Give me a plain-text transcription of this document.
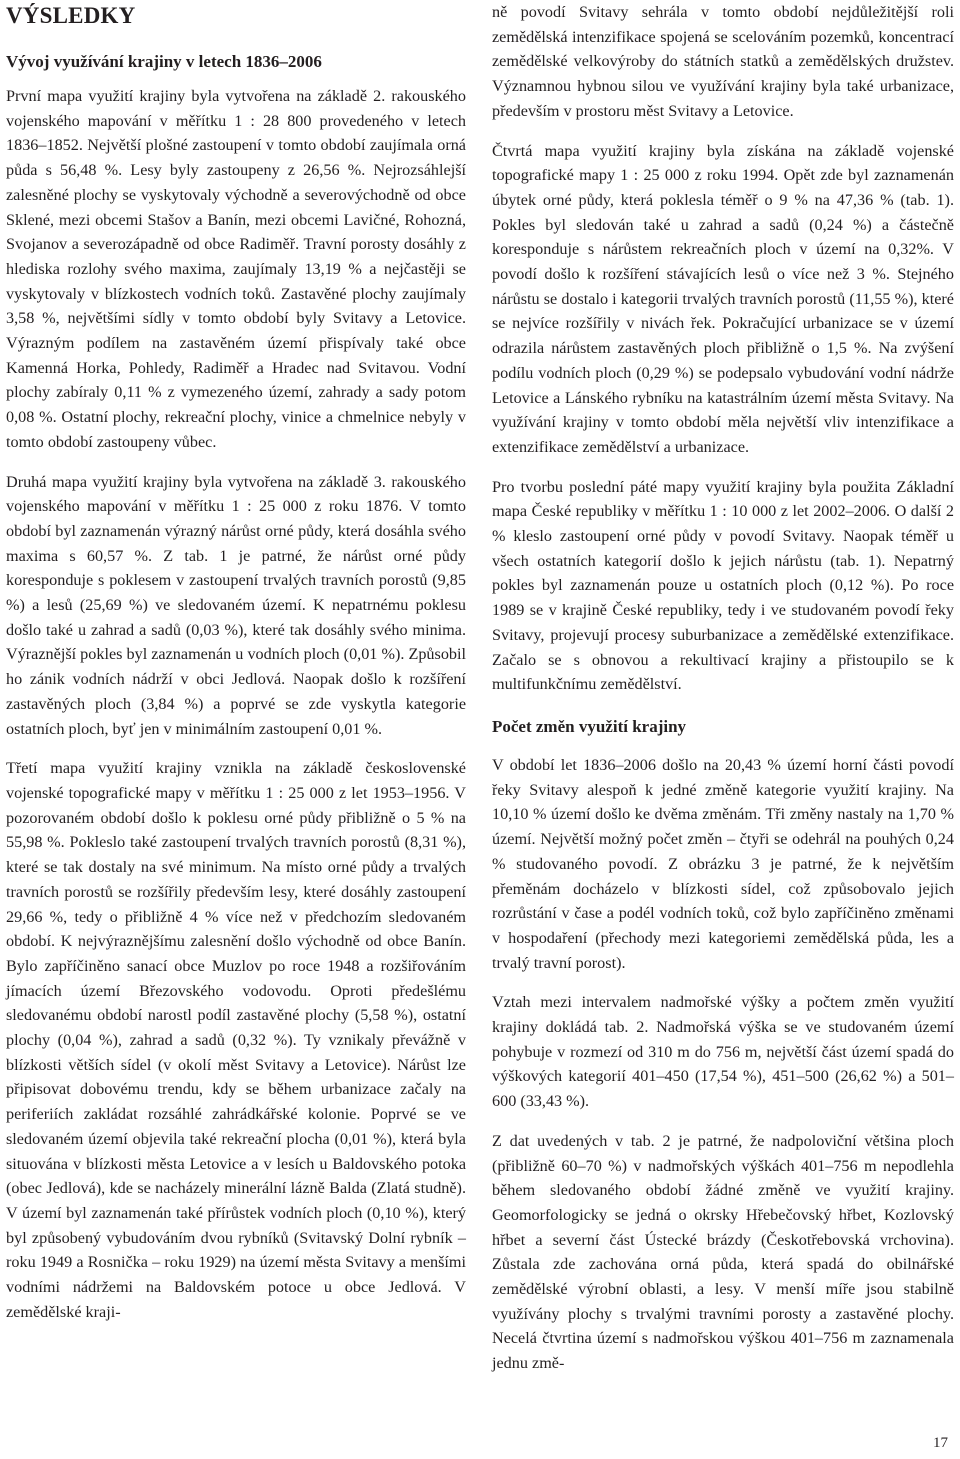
VÝSLEDKY
Vývoj využívání krajiny v letech 1836–2006

První mapa využití krajiny byla vytvořena na základě 2. rakouského vojenského mapování v měřítku 1 : 28 800 provedeného v letech 1836–1852. Největší plošné zastoupení v tomto období zaujímala orná půda s 56,48 %. Lesy byly zastoupeny z 26,56 %. Nejrozsáhlejší zalesněné plochy se vyskytovaly východně a severovýchodně od obce Sklené, mezi obcemi Stašov a Banín, mezi obcemi Lavičné, Rohozná, Svojanov a severozápadně od obce Radiměř. Travní porosty dosáhly z hlediska rozlohy svého maxima, zaujímaly 13,19 % a nejčastěji se vyskytovaly v blízkostech vodních toků. Zastavěné plochy zaujímaly 3,58 %, největšími sídly v tomto období byly Svitavy a Letovice. Výrazným podílem na zastavěném území přispívaly také obce Kamenná Horka, Pohledy, Radiměř a Hradec nad Svitavou. Vodní plochy zabíraly 0,11 % z vymezeného území, zahrady a sady potom 0,08 %. Ostatní plochy, rekreační plochy, vinice a chmelnice nebyly v tomto období zastoupeny vůbec.

Druhá mapa využití krajiny byla vytvořena na základě 3. rakouského vojenského mapování v měřítku 1 : 25 000 z roku 1876. V tomto období byl zaznamenán výrazný nárůst orné půdy, která dosáhla svého maxima s 60,57 %. Z tab. 1 je patrné, že nárůst orné půdy koresponduje s poklesem v zastoupení trvalých travních porostů (9,85 %) a lesů (25,69 %) ve sledovaném území. K nepatrnému poklesu došlo také u zahrad a sadů (0,03 %), které tak dosáhly svého minima. Výraznější pokles byl zaznamenán u vodních ploch (0,01 %). Způsobil ho zánik vodních nádrží v obci Jedlová. Naopak došlo k rozšíření zastavěných ploch (3,84 %) a poprvé se zde vyskytla kategorie ostatních ploch, byť jen v minimálním zastoupení 0,01 %.

Třetí mapa využití krajiny vznikla na základě československé vojenské topografické mapy v měřítku 1 : 25 000 z let 1953–1956. V pozorovaném období došlo k poklesu orné půdy přibližně o 5 % na 55,98 %. Pokleslo také zastoupení trvalých travních porostů (8,31 %), které se tak dostaly na své minimum. Na místo orné půdy a trvalých travních porostů se rozšířily především lesy, které dosáhly zastoupení 29,66 %, tedy o přibližně 4 % více než v předchozím sledovaném období. K nejvýraznějšímu zalesnění došlo východně od obce Banín. Bylo zapříčiněno sanací obce Muzlov po roce 1948 a rozšiřováním jímacích území Březovského vodovodu. Oproti předešlému sledovanému období narostl podíl zastavěné plochy (5,58 %), ostatní plochy (0,04 %), zahrad a sadů (0,32 %). Ty vznikaly převážně v blízkosti větších sídel (v okolí měst Svitavy a Letovice). Nárůst lze připisovat dobovému trendu, kdy se během urbanizace začaly na periferiích zakládat rozsáhlé zahrádkářské kolonie. Poprvé se ve sledovaném území objevila také rekreační plocha (0,01 %), která byla situována v blízkosti města Letovice a v lesích u Baldovského potoka (obec Jedlová), kde se nacházely minerální lázně Balda (Zlatá studně). V území byl zaznamenán také přírůstek vodních ploch (0,10 %), který byl způsobený vybudováním dvou rybníků (Svitavský Dolní rybník – roku 1949 a Rosnička – roku 1929) na území města Svitavy a menšími vodními nádržemi na Baldovském potoce u obce Jedlová. V zemědělské kraji-

ně povodí Svitavy sehrála v tomto období nejdůležitější roli zemědělská intenzifikace spojená se scelováním pozemků, koncentrací zemědělské velkovýroby do státních statků a zemědělských družstev. Významnou hybnou silou ve využívání krajiny byla také urbanizace, především v prostoru měst Svitavy a Letovice.

Čtvrtá mapa využití krajiny byla získána na základě vojenské topografické mapy 1 : 25 000 z roku 1994. Opět zde byl zaznamenán úbytek orné půdy, která poklesla téměř o 9 % na 47,36 % (tab. 1). Pokles byl sledován také u zahrad a sadů (0,24 %) a částečně koresponduje s nárůstem rekreačních ploch v území na 0,32%. V povodí došlo k rozšíření stávajících lesů o více než 3 %. Stejného nárůstu se dostalo i kategorii trvalých travních porostů (11,55 %), které se nejvíce rozšířily v nivách řek. Pokračující urbanizace se v území odrazila nárůstem zastavěných ploch přibližně o 1,5 %. Na zvýšení podílu vodních ploch (0,29 %) se podepsalo vybudování vodní nádrže Letovice a Lánského rybníku na katastrálním území města Svitavy. Na využívání krajiny v tomto období měla největší vliv intenzifikace a extenzifikace zemědělství a urbanizace.

Pro tvorbu poslední páté mapy využití krajiny byla použita Základní mapa České republiky v měřítku 1 : 10 000 z let 2002–2006. O další 2 % kleslo zastoupení orné půdy v povodí Svitavy. Naopak téměř u všech ostatních kategorií došlo k jejich nárůstu (tab. 1). Nepatrný pokles byl zaznamenán pouze u ostatních ploch (0,12 %). Po roce 1989 se v krajině České republiky, tedy i ve studovaném povodí řeky Svitavy, projevují procesy suburbanizace a zemědělské extenzifikace. Začalo se s obnovou a rekultivací krajiny a přistoupilo se k multifunkčnímu zemědělství.

Počet změn využití krajiny

V období let 1836–2006 došlo na 20,43 % území horní části povodí řeky Svitavy alespoň k jedné změně kategorie využití krajiny. Na 10,10 % území došlo ke dvěma změnám. Tři změny nastaly na 1,70 % území. Největší možný počet změn – čtyři se odehrál na pouhých 0,24 % studovaného povodí. Z obrázku 3 je patrné, že k největším přeměnám docházelo v blízkosti sídel, což způsobovalo jejich rozrůstání v čase a podél vodních toků, což bylo zapříčiněno změnami v hospodaření (přechody mezi kategoriemi zemědělská půda, les a trvalý travní porost).

Vztah mezi intervalem nadmořské výšky a počtem změn využití krajiny dokládá tab. 2. Nadmořská výška se ve studovaném území pohybuje v rozmezí od 310 m do 756 m, největší část území spadá do výškových kategorií 401–450 (17,54 %), 451–500 (26,62 %) a 501–600 (33,43 %).

Z dat uvedených v tab. 2 je patrné, že nadpoloviční většina ploch (přibližně 60–70 %) v nadmořských výškách 401–756 m nepodlehla během sledovaného období žádné změně ve využití krajiny. Geomorfologicky se jedná o okrsky Hřebečovský hřbet, Kozlovský hřbet a severní část Ústecké brázdy (Českotřebovská vrchovina). Zůstala zde zachována orná půda, která spadá do obilnářské zemědělské výrobní oblasti, a lesy. V menší míře jsou stabilně využívány plochy s trvalými travními porosty a zastavěné plochy. Necelá čtvrtina území s nadmořskou výškou 401–756 m zaznamenala jednu změ-

17
